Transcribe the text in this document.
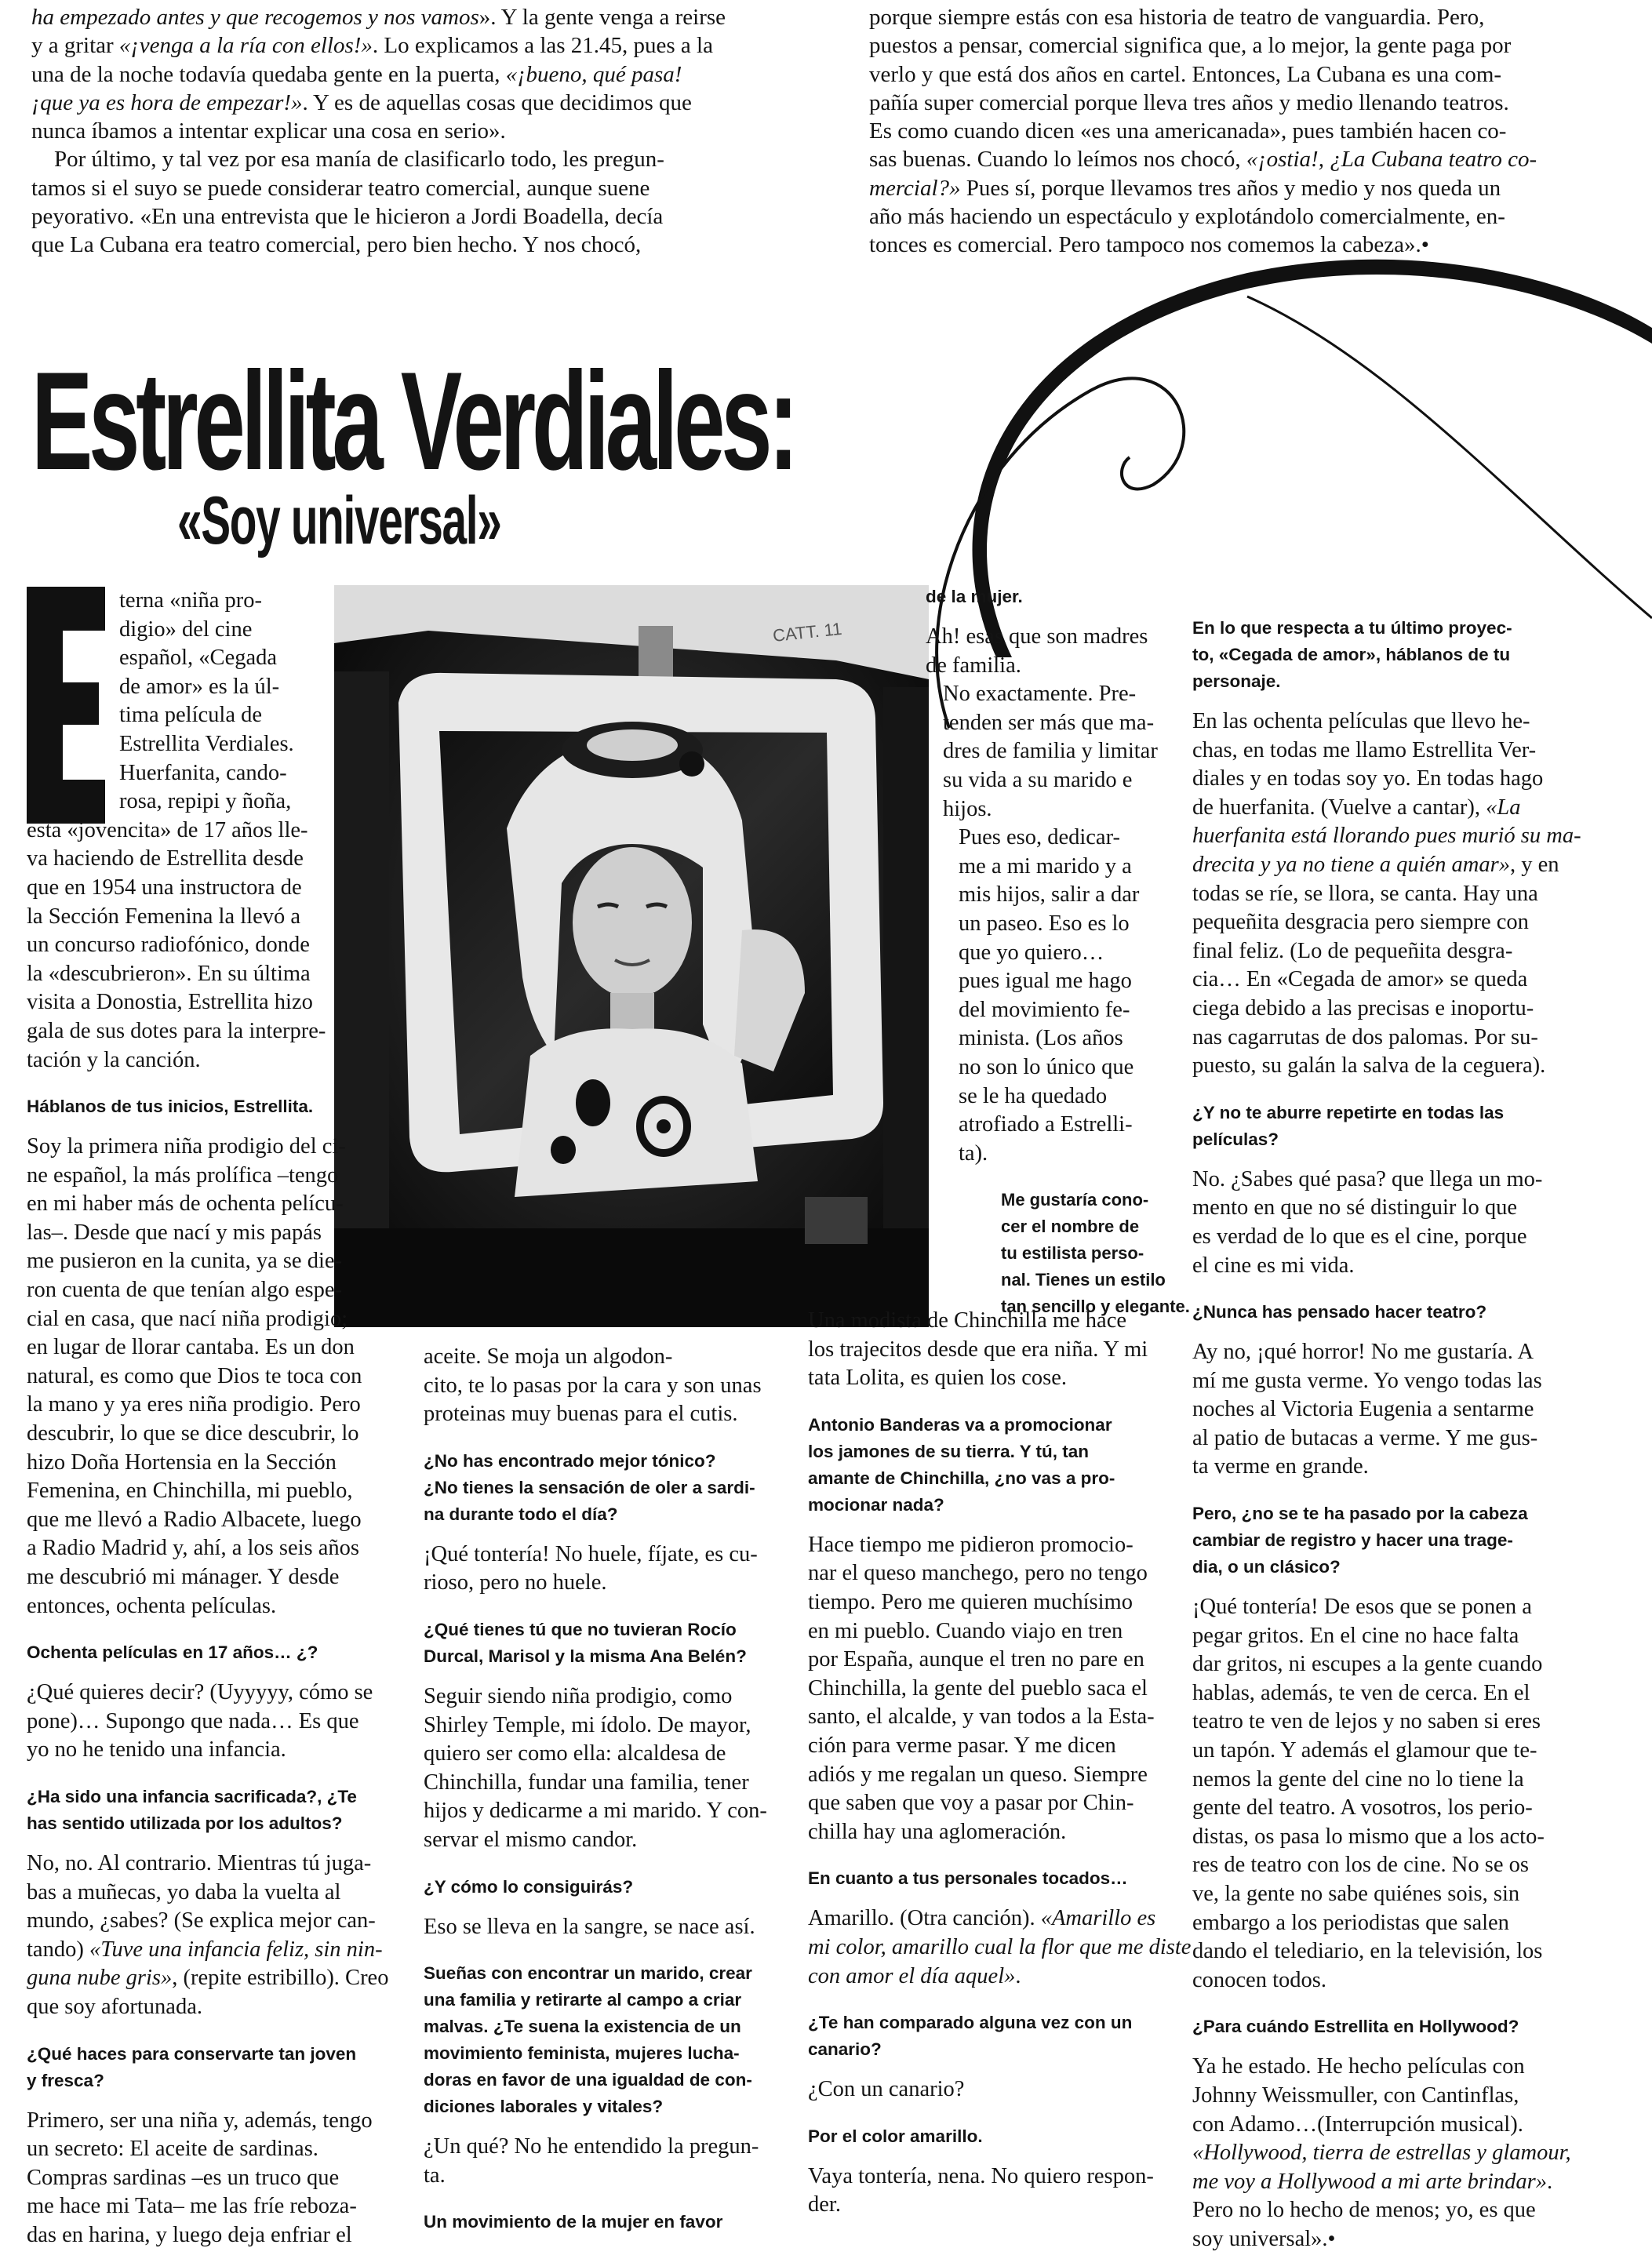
ha empezado antes y que recogemos y nos vamos». Y la gente venga a reirse
y a gritar «¡venga a la ría con ellos!». Lo explicamos a las 21.45, pues a la
una de la noche todavía quedaba gente en la puerta, «¡bueno, qué pasa!
¡que ya es hora de empezar!». Y es de aquellas cosas que decidimos que
nunca íbamos a intentar explicar una cosa en serio».
Por último, y tal vez por esa manía de clasificarlo todo, les pregun-
tamos si el suyo se puede considerar teatro comercial, aunque suene
peyorativo. «En una entrevista que le hicieron a Jordi Boadella, decía
que La Cubana era teatro comercial, pero bien hecho. Y nos chocó,
porque siempre estás con esa historia de teatro de vanguardia. Pero,
puestos a pensar, comercial significa que, a lo mejor, la gente paga por
verlo y que está dos años en cartel. Entonces, La Cubana es una com-
pañía super comercial porque lleva tres años y medio llenando teatros.
Es como cuando dicen «es una americanada», pues también hacen co-
sas buenas. Cuando lo leímos nos chocó, «¡ostia!, ¿La Cubana teatro co-
mercial?» Pues sí, porque llevamos tres años y medio y nos queda un
año más haciendo un espectáculo y explotándolo comercialmente, en-
tonces es comercial. Pero tampoco nos comemos la cabeza».•
Estrellita Verdiales:
«Soy universal»
CATT. 11
terna «niña pro-
digio» del cine
español, «Cegada
de amor» es la úl-
tima película de
Estrellita Verdiales.
Huerfanita, cando-
rosa, repipi y ñoña,
esta «jovencita» de 17 años lle-
va haciendo de Estrellita desde
que en 1954 una instructora de
la Sección Femenina la llevó a
un concurso radiofónico, donde
la «descubrieron». En su última
visita a Donostia, Estrellita hizo
gala de sus dotes para la interpre-
tación y la canción.

Háblanos de tus inicios, Estrellita.

Soy la primera niña prodigio del ci-
ne español, la más prolífica –tengo
en mi haber más de ochenta pelícu-
las–. Desde que nací y mis papás
me pusieron en la cunita, ya se die-
ron cuenta de que tenían algo espe-
cial en casa, que nací niña prodigio;
en lugar de llorar cantaba. Es un don
natural, es como que Dios te toca con
la mano y ya eres niña prodigio. Pero
descubrir, lo que se dice descubrir, lo
hizo Doña Hortensia en la Sección
Femenina, en Chinchilla, mi pueblo,
que me llevó a Radio Albacete, luego
a Radio Madrid y, ahí, a los seis años
me descubrió mi mánager. Y desde
entonces, ochenta películas.

Ochenta películas en 17 años… ¿?

¿Qué quieres decir? (Uyyyyy, cómo se
pone)… Supongo que nada… Es que
yo no he tenido una infancia.
¿Ha sido una infancia sacrificada?, ¿Te
has sentido utilizada por los adultos?
No, no. Al contrario. Mientras tú juga-
bas a muñecas, yo daba la vuelta al
mundo, ¿sabes? (Se explica mejor can-
tando) «Tuve una infancia feliz, sin nin-
guna nube gris», (repite estribillo). Creo
que soy afortunada.
¿Qué haces para conservarte tan joven
y fresca?
Primero, ser una niña y, además, tengo
un secreto: El aceite de sardinas.
Compras sardinas –es un truco que
me hace mi Tata– me las fríe reboza-
das en harina, y luego deja enfriar el
aceite. Se moja un algodon-
cito, te lo pasas por la cara y son unas
proteinas muy buenas para el cutis.
¿No has encontrado mejor tónico?
¿No tienes la sensación de oler a sardi-
na durante todo el día?
¡Qué tontería! No huele, fíjate, es cu-
rioso, pero no huele.
¿Qué tienes tú que no tuvieran Rocío
Durcal, Marisol y la misma Ana Belén?
Seguir siendo niña prodigio, como
Shirley Temple, mi ídolo. De mayor,
quiero ser como ella: alcaldesa de
Chinchilla, fundar una familia, tener
hijos y dedicarme a mi marido. Y con-
servar el mismo candor.

¿Y cómo lo consiguirás?

Eso se lleva en la sangre, se nace así.

Sueñas con encontrar un marido, crear
una familia y retirarte al campo a criar
malvas. ¿Te suena la existencia de un
movimiento feminista, mujeres lucha-
doras en favor de una igualdad de con-
diciones laborales y vitales?
¿Un qué? No he entendido la pregun-
ta.

Un movimiento de la mujer en favor

de la mujer.

Ah! esas que son madres
de familia.
No exactamente. Pre-
tenden ser más que ma-
dres de familia y limitar
su vida a su marido e
hijos.
Pues eso, dedicar-
me a mi marido y a
mis hijos, salir a dar
un paseo. Eso es lo
que yo quiero…
pues igual me hago
del movimiento fe-
minista. (Los años
no son lo único que
se le ha quedado
atrofiado a Estrelli-
ta).
Me gustaría cono-
cer el nombre de
tu estilista perso-
nal. Tienes un estilo
tan sencillo y elegante.
Una modista de Chinchilla me hace
los trajecitos desde que era niña. Y mi
tata Lolita, es quien los cose.
Antonio Banderas va a promocionar
los jamones de su tierra. Y tú, tan
amante de Chinchilla, ¿no vas a pro-
mocionar nada?
Hace tiempo me pidieron promocio-
nar el queso manchego, pero no tengo
tiempo. Pero me quieren muchísimo
en mi pueblo. Cuando viajo en tren
por España, aunque el tren no pare en
Chinchilla, la gente del pueblo saca el
santo, el alcalde, y van todos a la Esta-
ción para verme pasar. Y me dicen
adiós y me regalan un queso. Siempre
que saben que voy a pasar por Chin-
chilla hay una aglomeración.

En cuanto a tus personales tocados…

Amarillo. (Otra canción). «Amarillo es
mi color, amarillo cual la flor que me diste
con amor el día aquel».
¿Te han comparado alguna vez con un
canario?

¿Con un canario?

Por el color amarillo.

Vaya tontería, nena. No quiero respon-
der.
En lo que respecta a tu último proyec-
to, «Cegada de amor», háblanos de tu
personaje.
En las ochenta películas que llevo he-
chas, en todas me llamo Estrellita Ver-
diales y en todas soy yo. En todas hago
de huerfanita. (Vuelve a cantar), «La
huerfanita está llorando pues murió su ma-
drecita y ya no tiene a quién amar», y en
todas se ríe, se llora, se canta. Hay una
pequeñita desgracia pero siempre con
final feliz. (Lo de pequeñita desgra-
cia… En «Cegada de amor» se queda
ciega debido a las precisas e inoportu-
nas cagarrutas de dos palomas. Por su-
puesto, su galán la salva de la ceguera).
¿Y no te aburre repetirte en todas las
películas?
No. ¿Sabes qué pasa? que llega un mo-
mento en que no sé distinguir lo que
es verdad de lo que es el cine, porque
el cine es mi vida.

¿Nunca has pensado hacer teatro?

Ay no, ¡qué horror! No me gustaría. A
mí me gusta verme. Yo vengo todas las
noches al Victoria Eugenia a sentarme
al patio de butacas a verme. Y me gus-
ta verme en grande.
Pero, ¿no se te ha pasado por la cabeza
cambiar de registro y hacer una trage-
dia, o un clásico?
¡Qué tontería! De esos que se ponen a
pegar gritos. En el cine no hace falta
dar gritos, ni escupes a la gente cuando
hablas, además, te ven de cerca. En el
teatro te ven de lejos y no saben si eres
un tapón. Y además el glamour que te-
nemos la gente del cine no lo tiene la
gente del teatro. A vosotros, los perio-
distas, os pasa lo mismo que a los acto-
res de teatro con los de cine. No se os
ve, la gente no sabe quiénes sois, sin
embargo a los periodistas que salen
dando el telediario, en la televisión, los
conocen todos.

¿Para cuándo Estrellita en Hollywood?

Ya he estado. He hecho películas con
Johnny Weissmuller, con Cantinflas,
con Adamo…(Interrupción musical).
«Hollywood, tierra de estrellas y glamour,
me voy a Hollywood a mi arte brindar».
Pero no lo hecho de menos; yo, es que
soy universal».•
